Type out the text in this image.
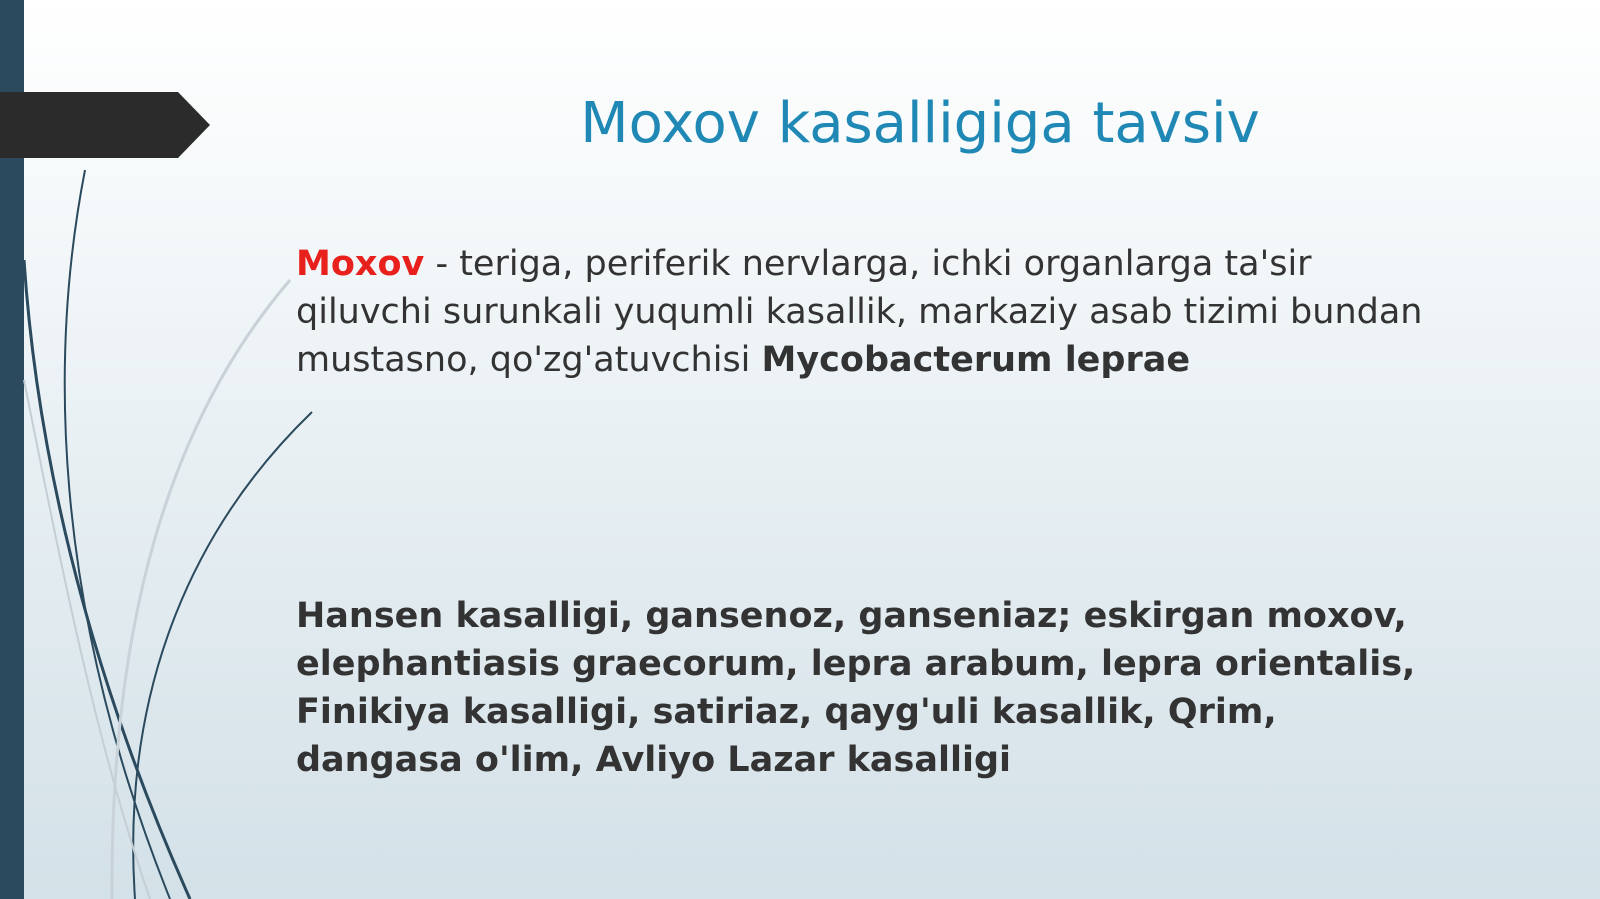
Moxov kasalligiga tavsiv

Moxov - teriga, periferik nervlarga, ichki organlarga ta'sir qiluvchi surunkali yuqumli kasallik, markaziy asab tizimi bundan mustasno, qo'zg'atuvchisi Mycobacterum leprae

Hansen kasalligi, gansenoz, ganseniaz; eskirgan moxov, elephantiasis graecorum, lepra arabum, lepra orientalis, Finikiya kasalligi, satiriaz, qayg'uli kasallik, Qrim, dangasa o'lim, Avliyo Lazar kasalligi
